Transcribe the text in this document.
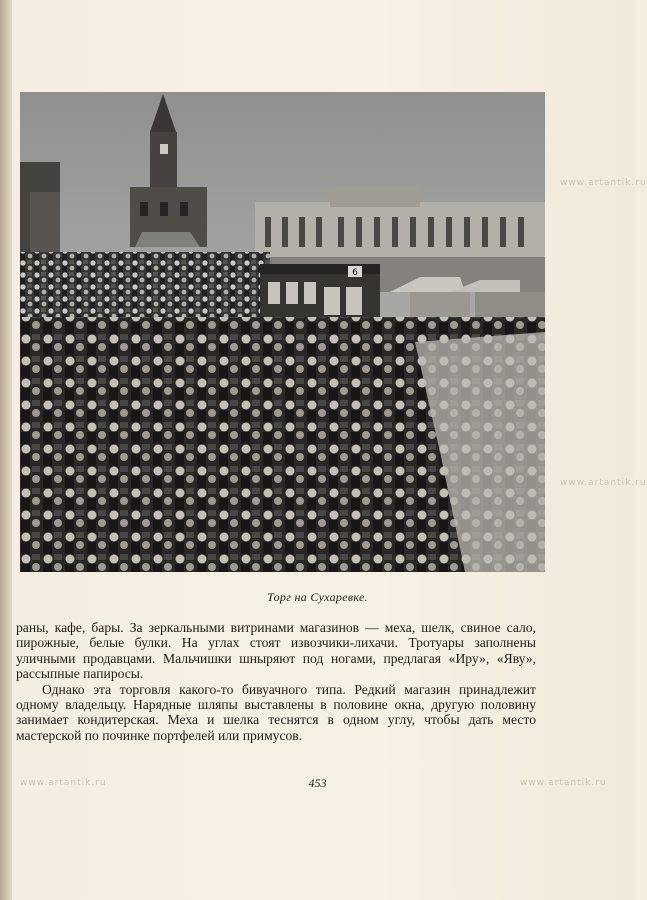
6
Торг на Сухаревке.

раны, кафе, бары. За зеркальными витринами магазинов — меха, шелк, свиное сало, пирожные, белые булки. На углах стоят извозчики-лихачи. Тротуары заполнены уличными продавцами. Мальчишки шныряют под ногами, предлагая «Иру», «Яву», рассыпные папиросы.

Однако эта торговля какого-то бивуачного типа. Редкий магазин принадлежит одному владельцу. Нарядные шляпы выставлены в половине окна, другую половину занимает кондитерская. Меха и шелка теснятся в одном углу, чтобы дать место мастерской по починке портфелей или примусов.

453
www.artantik.ru
www.artantik.ru
www.artantik.ru	www.artantik.ru
